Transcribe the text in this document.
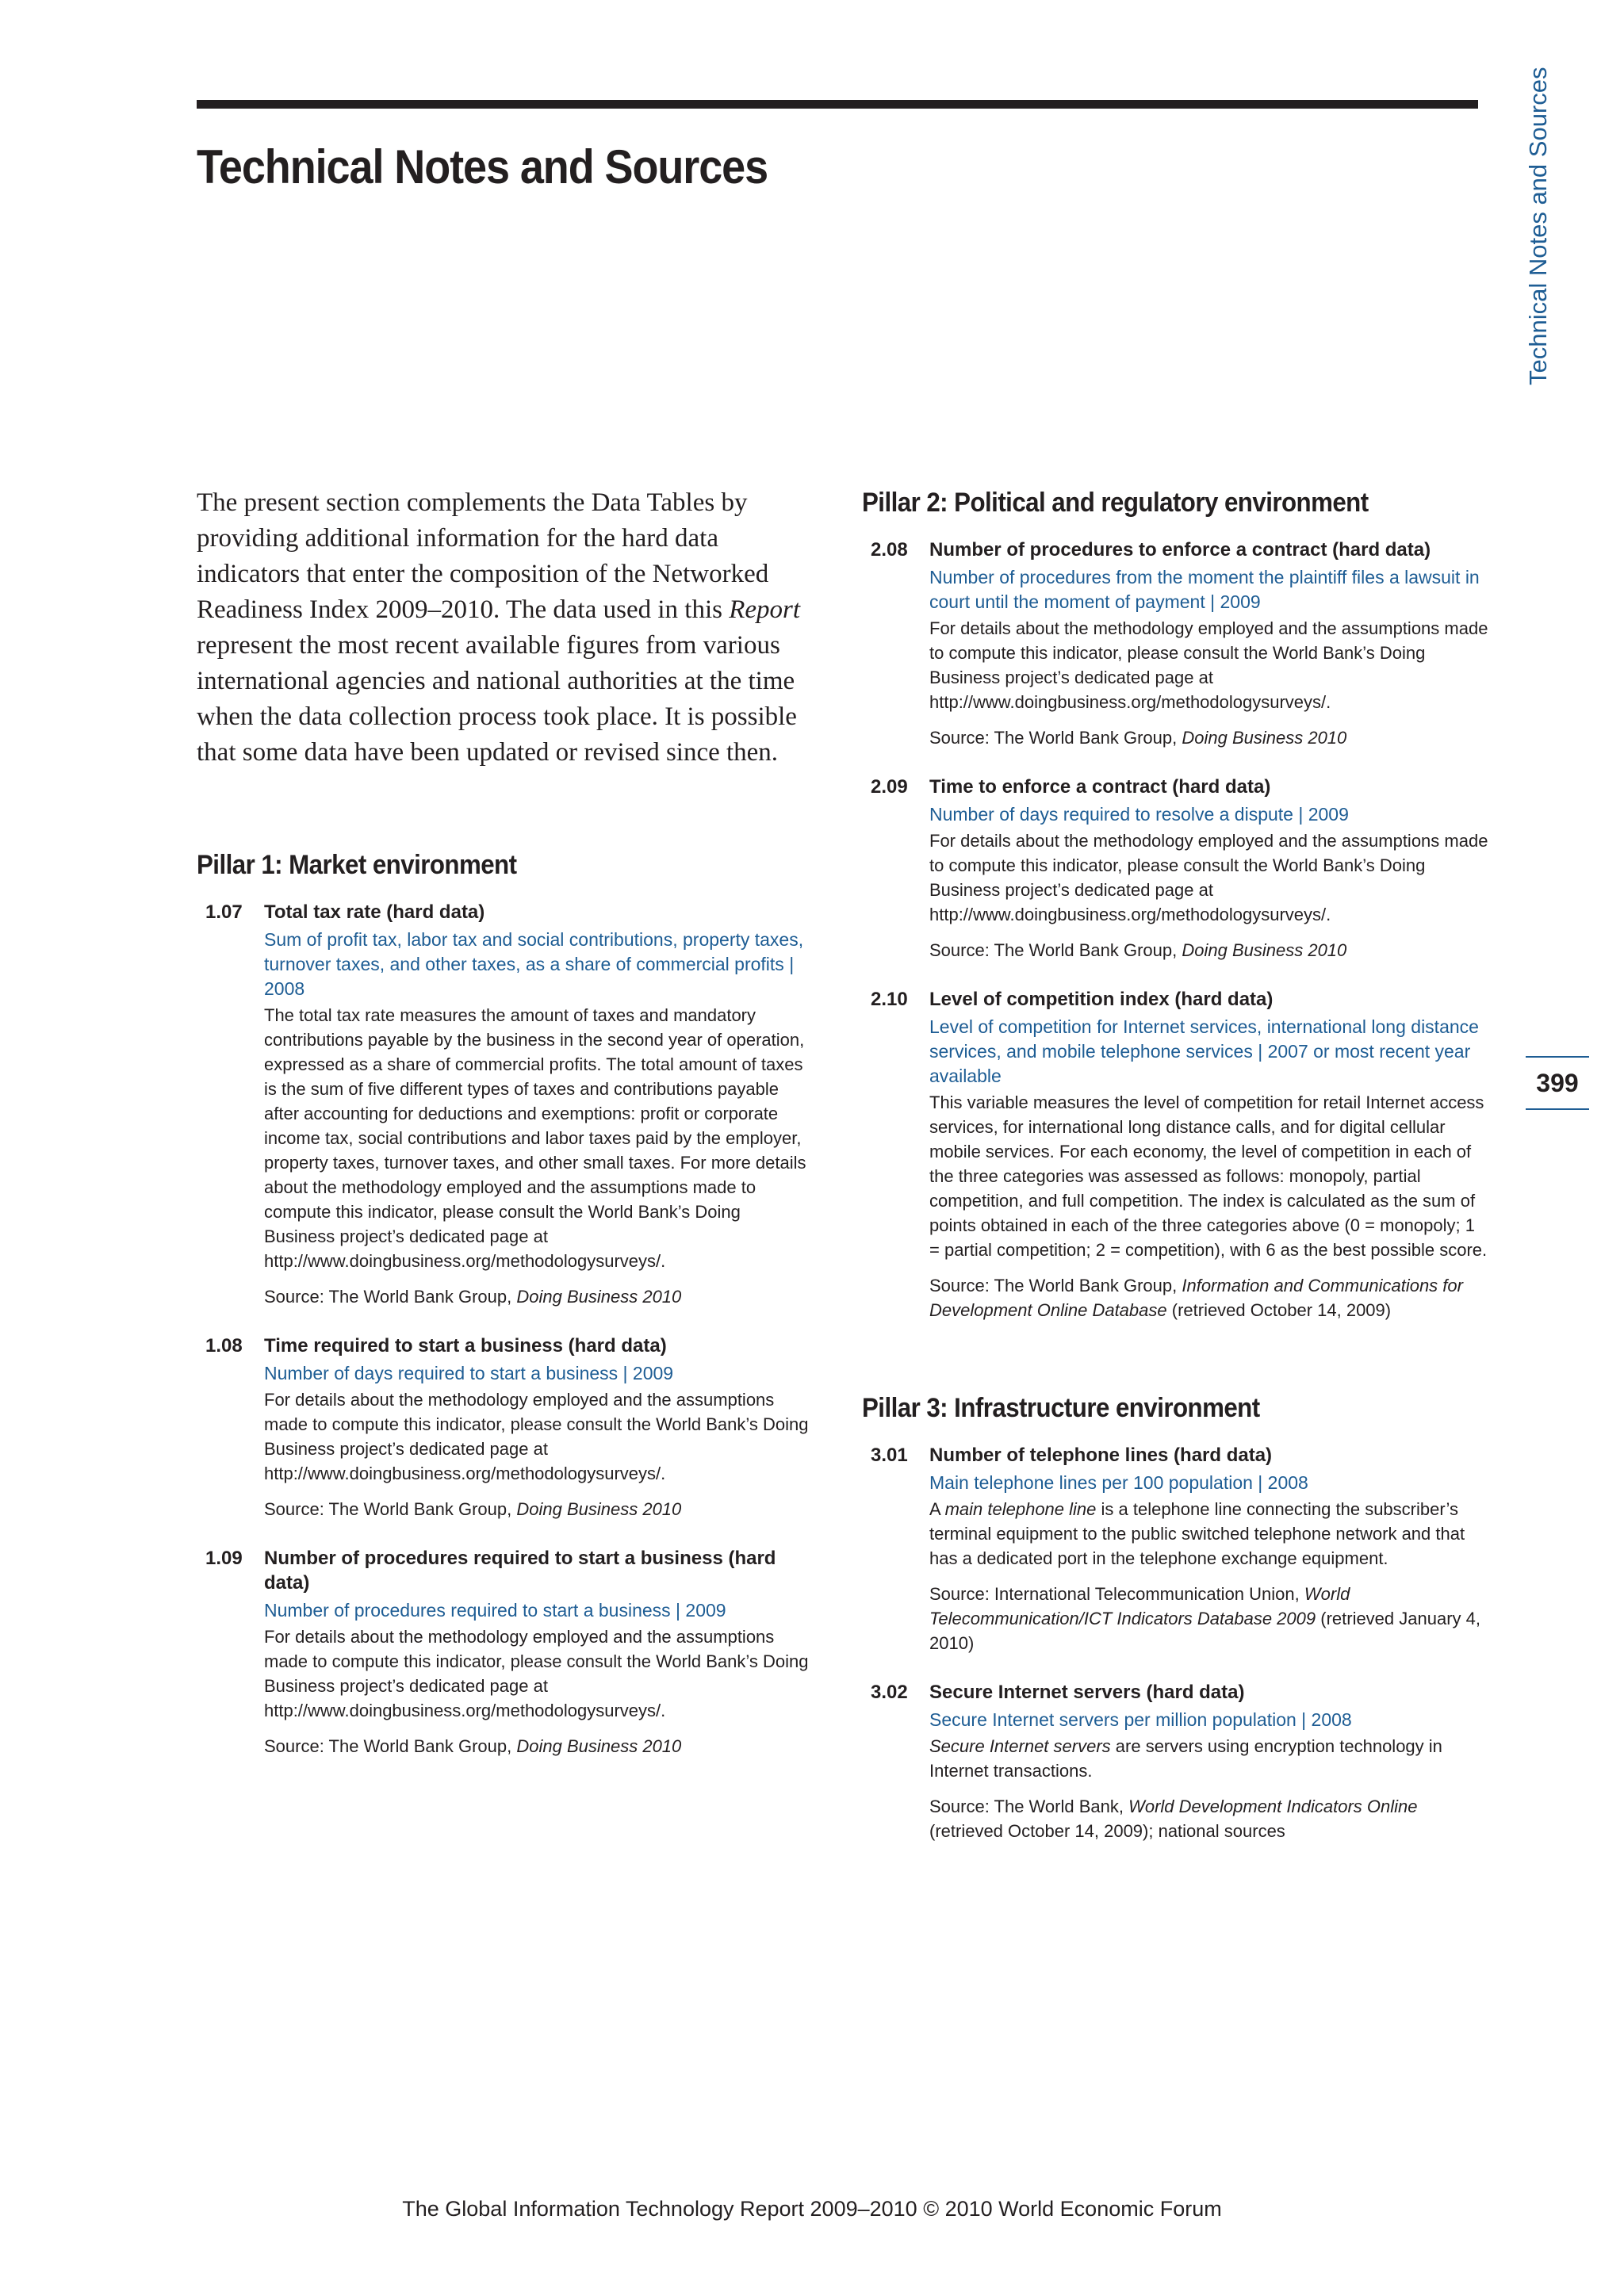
Technical Notes and Sources	Technical Notes and Sources
399

The present section complements the Data Tables by providing additional information for the hard data indicators that enter the composition of the Networked Readiness Index 2009–2010. The data used in this Report represent the most recent available figures from various international agencies and national authorities at the time when the data collection process took place. It is possible that some data have been updated or revised since then.

Pillar 1: Market environment
1.07 Total tax rate (hard data)

Sum of profit tax, labor tax and social contributions, property taxes, turnover taxes, and other taxes, as a share of commercial profits | 2008

The total tax rate measures the amount of taxes and mandatory contributions payable by the business in the second year of operation, expressed as a share of commercial profits. The total amount of taxes is the sum of five different types of taxes and contributions payable after accounting for deductions and exemptions: profit or corporate income tax, social contributions and labor taxes paid by the employer, property taxes, turnover taxes, and other small taxes. For more details about the methodology employed and the assumptions made to compute this indicator, please consult the World Bank’s Doing Business project’s dedicated page at http://www.doingbusiness.org/methodologysurveys/.

Source: The World Bank Group, Doing Business 2010

1.08 Time required to start a business (hard data)

Number of days required to start a business | 2009

For details about the methodology employed and the assumptions made to compute this indicator, please consult the World Bank’s Doing Business project’s dedicated page at http://www.doingbusiness.org/methodologysurveys/.

Source: The World Bank Group, Doing Business 2010

1.09 Number of procedures required to start a business (hard data)

Number of procedures required to start a business | 2009

For details about the methodology employed and the assumptions made to compute this indicator, please consult the World Bank’s Doing Business project’s dedicated page at http://www.doingbusiness.org/methodologysurveys/.

Source: The World Bank Group, Doing Business 2010

Pillar 2: Political and regulatory environment
2.08 Number of procedures to enforce a contract (hard data)

Number of procedures from the moment the plaintiff files a lawsuit in court until the moment of payment | 2009

For details about the methodology employed and the assumptions made to compute this indicator, please consult the World Bank’s Doing Business project’s dedicated page at http://www.doingbusiness.org/methodologysurveys/.

Source: The World Bank Group, Doing Business 2010

2.09 Time to enforce a contract (hard data)

Number of days required to resolve a dispute | 2009

For details about the methodology employed and the assumptions made to compute this indicator, please consult the World Bank’s Doing Business project’s dedicated page at http://www.doingbusiness.org/methodologysurveys/.

Source: The World Bank Group, Doing Business 2010

2.10 Level of competition index (hard data)

Level of competition for Internet services, international long distance services, and mobile telephone services | 2007 or most recent year available

This variable measures the level of competition for retail Internet access services, for international long distance calls, and for digital cellular mobile services. For each economy, the level of competition in each of the three categories was assessed as follows: monopoly, partial competition, and full competition. The index is calculated as the sum of points obtained in each of the three categories above (0 = monopoly; 1 = partial competition; 2 = competition), with 6 as the best possible score.

Source: The World Bank Group, Information and Communications for Development Online Database (retrieved October 14, 2009)

Pillar 3: Infrastructure environment
3.01 Number of telephone lines (hard data)

Main telephone lines per 100 population | 2008

A main telephone line is a telephone line connecting the subscriber’s terminal equipment to the public switched telephone network and that has a dedicated port in the telephone exchange equipment.

Source: International Telecommunication Union, World Telecommunication/ICT Indicators Database 2009 (retrieved January 4, 2010)

3.02 Secure Internet servers (hard data)

Secure Internet servers per million population | 2008

Secure Internet servers are servers using encryption technology in Internet transactions.

Source: The World Bank, World Development Indicators Online (retrieved October 14, 2009); national sources

The Global Information Technology Report 2009–2010 © 2010 World Economic Forum
